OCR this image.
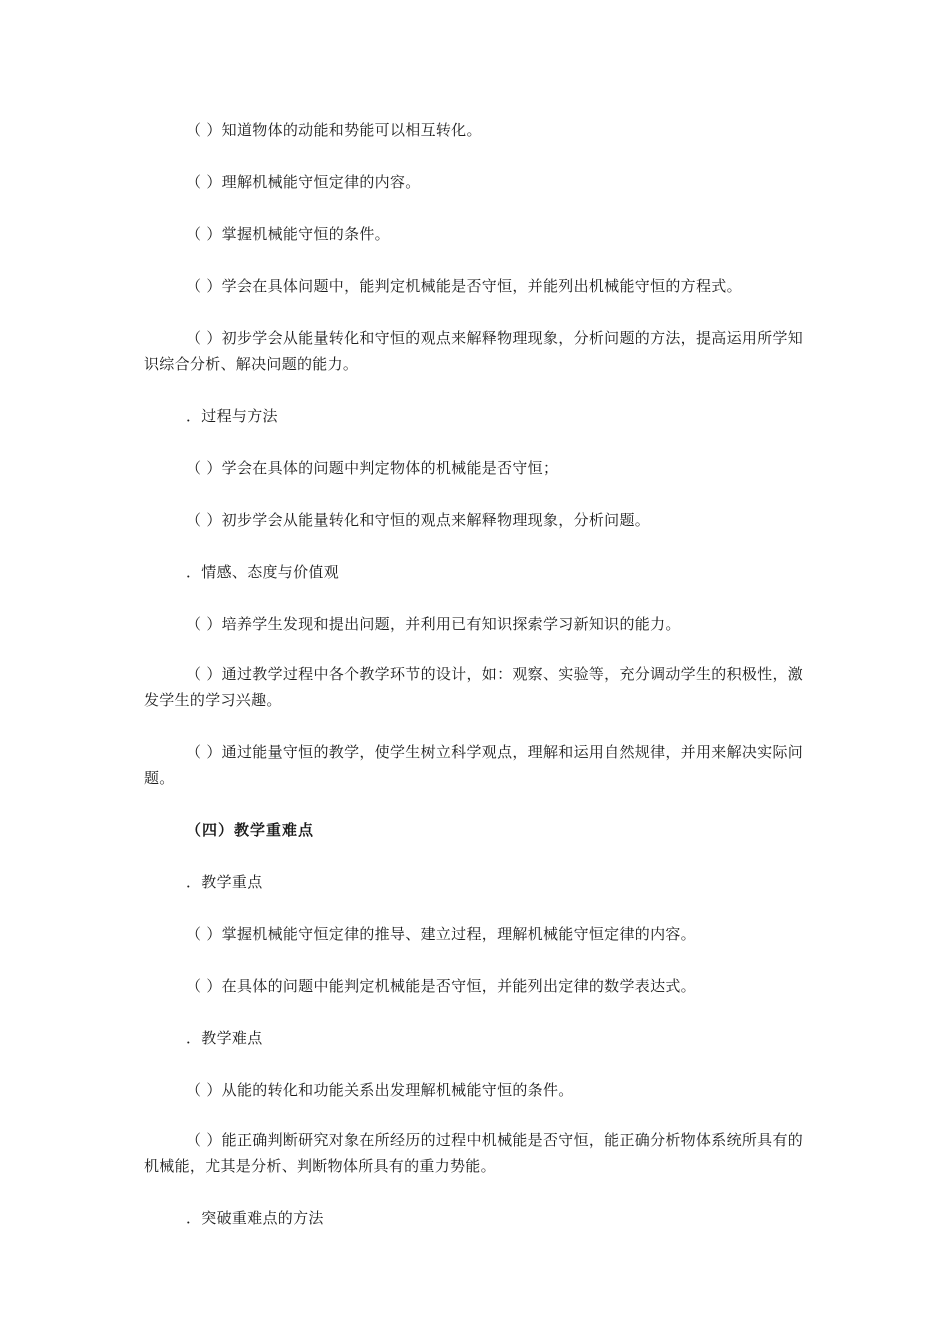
（ ）知道物体的动能和势能可以相互转化。

（ ）理解机械能守恒定律的内容。

（ ）掌握机械能守恒的条件。

（ ）学会在具体问题中，能判定机械能是否守恒，并能列出机械能守恒的方程式。

（ ）初步学会从能量转化和守恒的观点来解释物理现象，分析问题的方法，提高运用所学知识综合分析、解决问题的能力。

．过程与方法

（ ）学会在具体的问题中判定物体的机械能是否守恒；

（ ）初步学会从能量转化和守恒的观点来解释物理现象，分析问题。

．情感、态度与价值观

（ ）培养学生发现和提出问题，并利用已有知识探索学习新知识的能力。

（ ）通过教学过程中各个教学环节的设计，如：观察、实验等，充分调动学生的积极性，激发学生的学习兴趣。

（ ）通过能量守恒的教学，使学生树立科学观点，理解和运用自然规律，并用来解决实际问题。

（四）教学重难点

．教学重点

（ ）掌握机械能守恒定律的推导、建立过程，理解机械能守恒定律的内容。

（ ）在具体的问题中能判定机械能是否守恒，并能列出定律的数学表达式。

．教学难点

（ ）从能的转化和功能关系出发理解机械能守恒的条件。

（ ）能正确判断研究对象在所经历的过程中机械能是否守恒，能正确分析物体系统所具有的机械能，尤其是分析、判断物体所具有的重力势能。

．突破重难点的方法
